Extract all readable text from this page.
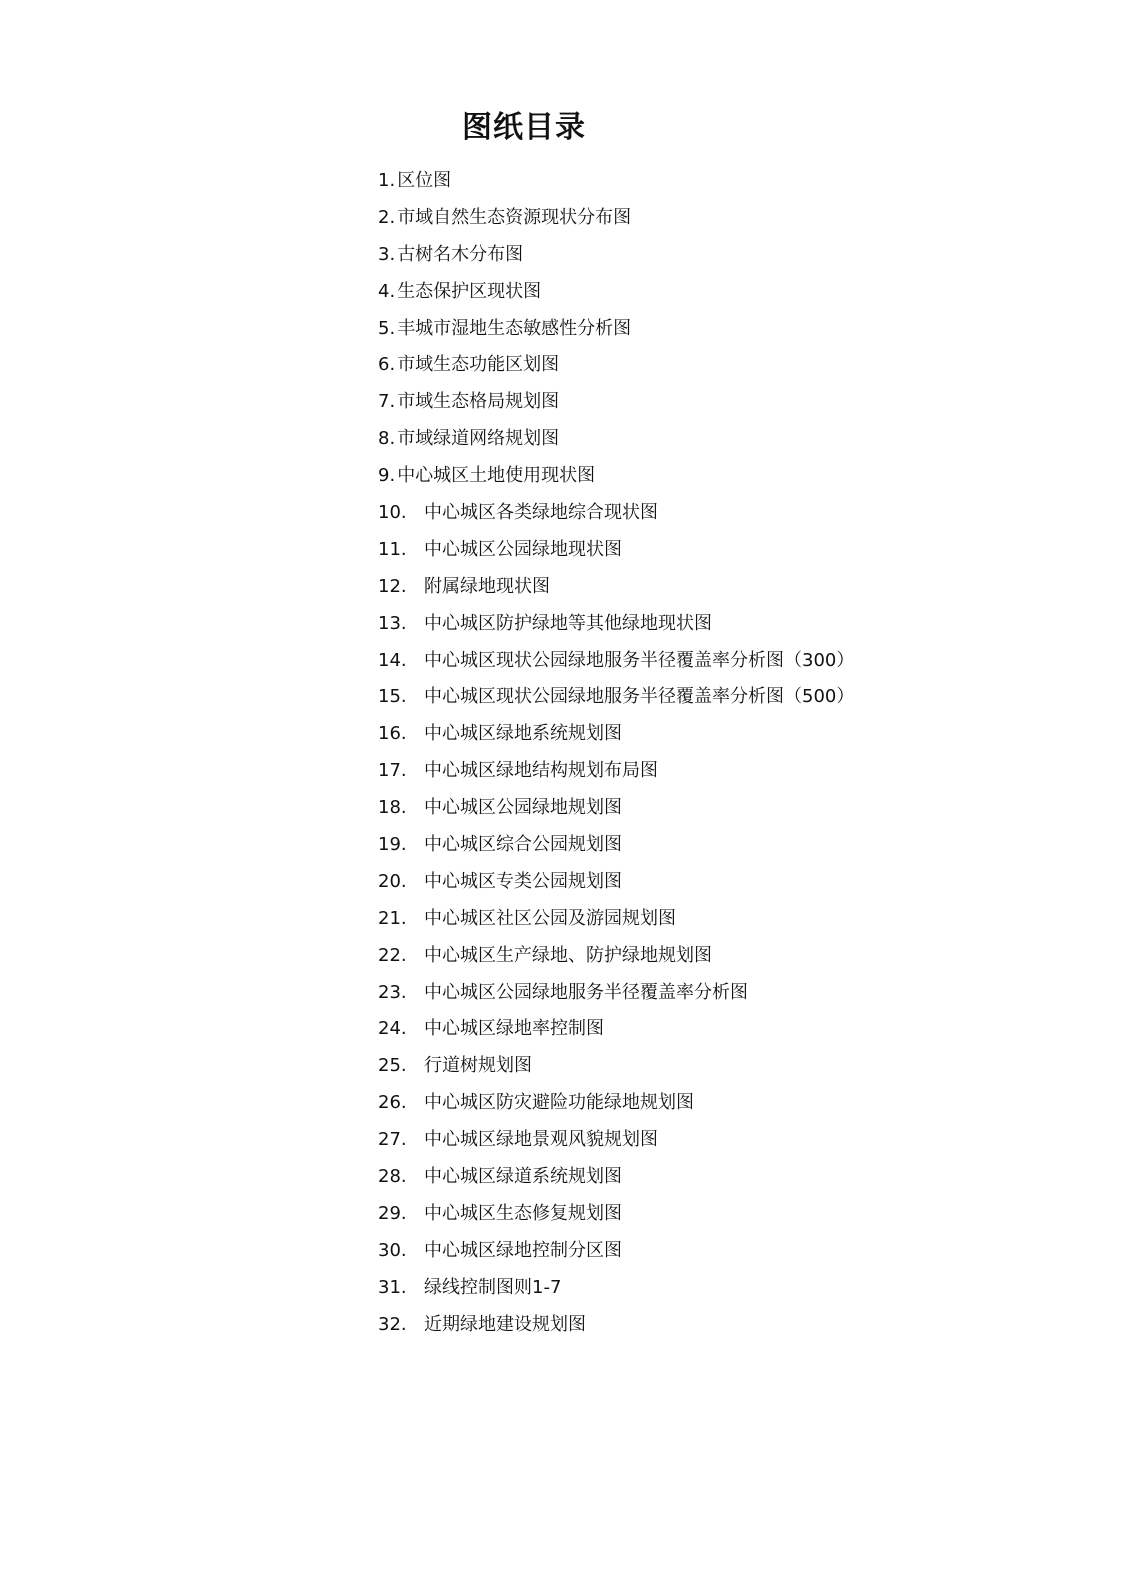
图纸目录
1. 区位图
2. 市域自然生态资源现状分布图
3. 古树名木分布图
4. 生态保护区现状图
5. 丰城市湿地生态敏感性分析图
6. 市域生态功能区划图
7. 市域生态格局规划图
8. 市域绿道网络规划图
9. 中心城区土地使用现状图
10. 中心城区各类绿地综合现状图
11. 中心城区公园绿地现状图
12. 附属绿地现状图
13. 中心城区防护绿地等其他绿地现状图
14. 中心城区现状公园绿地服务半径覆盖率分析图（300）
15. 中心城区现状公园绿地服务半径覆盖率分析图（500）
16. 中心城区绿地系统规划图
17. 中心城区绿地结构规划布局图
18. 中心城区公园绿地规划图
19. 中心城区综合公园规划图
20. 中心城区专类公园规划图
21. 中心城区社区公园及游园规划图
22. 中心城区生产绿地、防护绿地规划图
23. 中心城区公园绿地服务半径覆盖率分析图
24. 中心城区绿地率控制图
25. 行道树规划图
26. 中心城区防灾避险功能绿地规划图
27. 中心城区绿地景观风貌规划图
28. 中心城区绿道系统规划图
29. 中心城区生态修复规划图
30. 中心城区绿地控制分区图
31. 绿线控制图则1-7
32. 近期绿地建设规划图
